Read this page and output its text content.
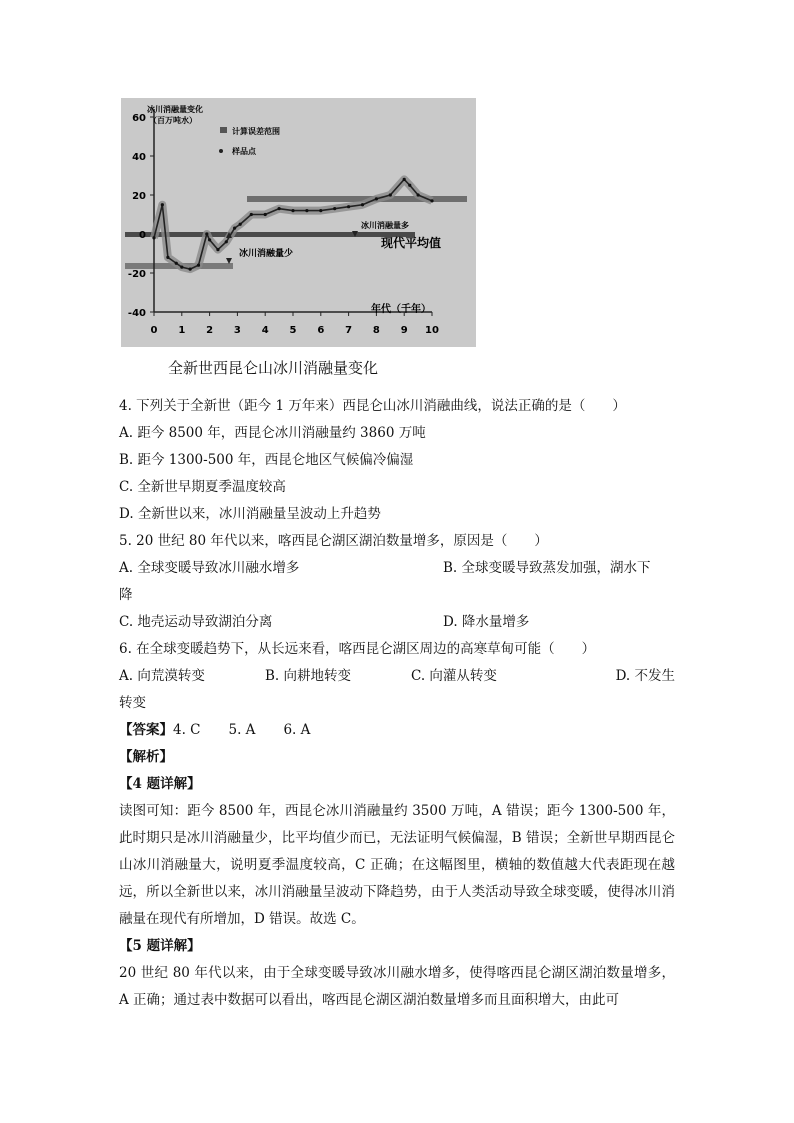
-40
-20
0
20
40
60
0 1 2 3 4 5 6 7 8 9 10
冰川消融量变化
（百万吨水）
计算误差范围
样品点
冰川消融量多
现代平均值
冰川消融量少
年代（千年）
全新世西昆仑山冰川消融量变化

4. 下列关于全新世（距今 1 万年来）西昆仑山冰川消融曲线，说法正确的是（　　）

A. 距今 8500 年，西昆仑冰川消融量约 3860 万吨

B. 距今 1300-500 年，西昆仑地区气候偏冷偏湿

C. 全新世早期夏季温度较高

D. 全新世以来，冰川消融量呈波动上升趋势

5. 20 世纪 80 年代以来，喀西昆仑湖区湖泊数量增多，原因是（　　）

A. 全球变暖导致冰川融水增多	B. 全球变暖导致蒸发加强，湖水下

降

C. 地壳运动导致湖泊分离	D. 降水量增多

6. 在全球变暖趋势下，从长远来看，喀西昆仑湖区周边的高寒草甸可能（　　）

A. 向荒漠转变	B. 向耕地转变	C. 向灌从转变	D. 不发生

转变

【答案】4. C 5. A 6. A

【解析】

【4 题详解】

读图可知：距今 8500 年，西昆仑冰川消融量约 3500 万吨，A 错误；距今 1300-500 年，此时期只是冰川消融量少，比平均值少而已，无法证明气候偏湿，B 错误；全新世早期西昆仑山冰川消融量大，说明夏季温度较高，C 正确；在这幅图里，横轴的数值越大代表距现在越远，所以全新世以来，冰川消融量呈波动下降趋势，由于人类活动导致全球变暖，使得冰川消融量在现代有所增加，D 错误。故选 C。

【5 题详解】

20 世纪 80 年代以来，由于全球变暖导致冰川融水增多，使得喀西昆仑湖区湖泊数量增多，A 正确；通过表中数据可以看出，喀西昆仑湖区湖泊数量增多而且面积增大，由此可
